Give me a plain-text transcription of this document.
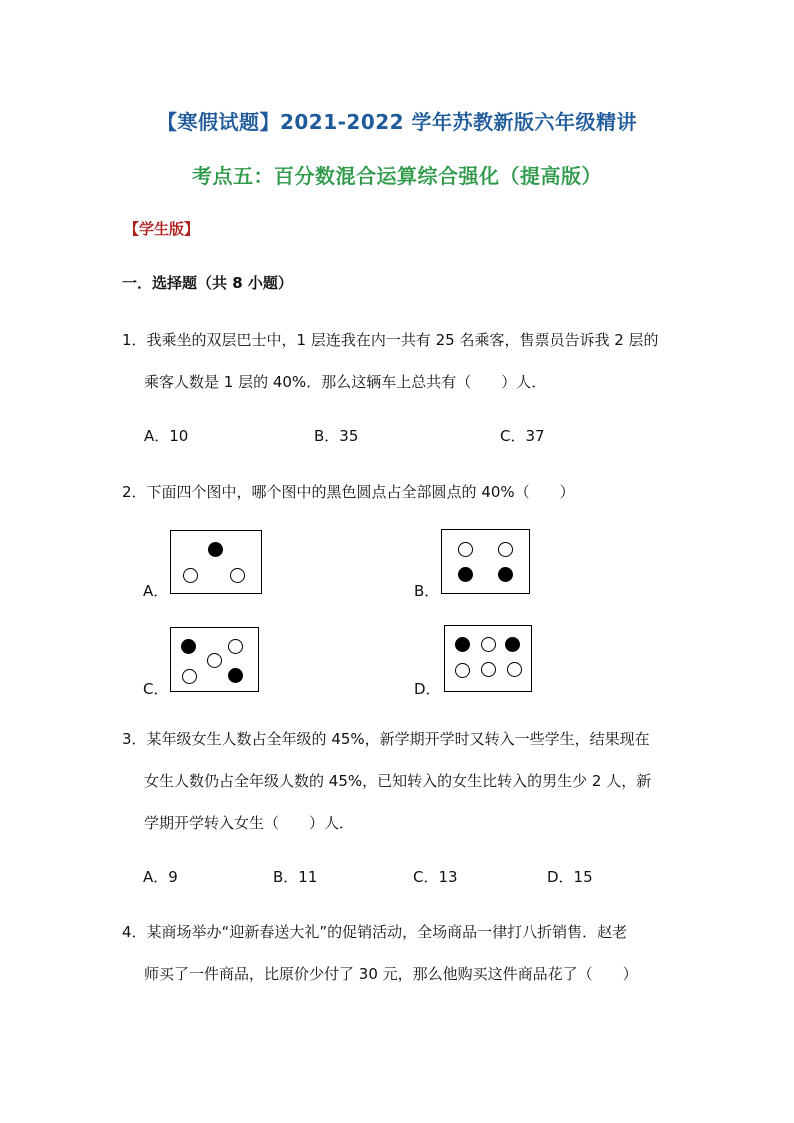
【寒假试题】2021-2022 学年苏教新版六年级精讲
考点五：百分数混合运算综合强化（提高版）
【学生版】
一．选择题（共 8 小题）
1．我乘坐的双层巴士中，1 层连我在内一共有 25 名乘客，售票员告诉我 2 层的
乘客人数是 1 层的 40%．那么这辆车上总共有（　　）人．
A．10	B．35	C．37
2．下面四个图中，哪个图中的黑色圆点占全部圆点的 40%（　　）
A．	B．
C．	D．
3．某年级女生人数占全年级的 45%，新学期开学时又转入一些学生，结果现在
女生人数仍占全年级人数的 45%，已知转入的女生比转入的男生少 2 人，新
学期开学转入女生（　　）人．
A．9	B．11	C．13	D．15
4．某商场举办“迎新春送大礼”的促销活动，全场商品一律打八折销售．赵老
师买了一件商品，比原价少付了 30 元，那么他购买这件商品花了（　　）
